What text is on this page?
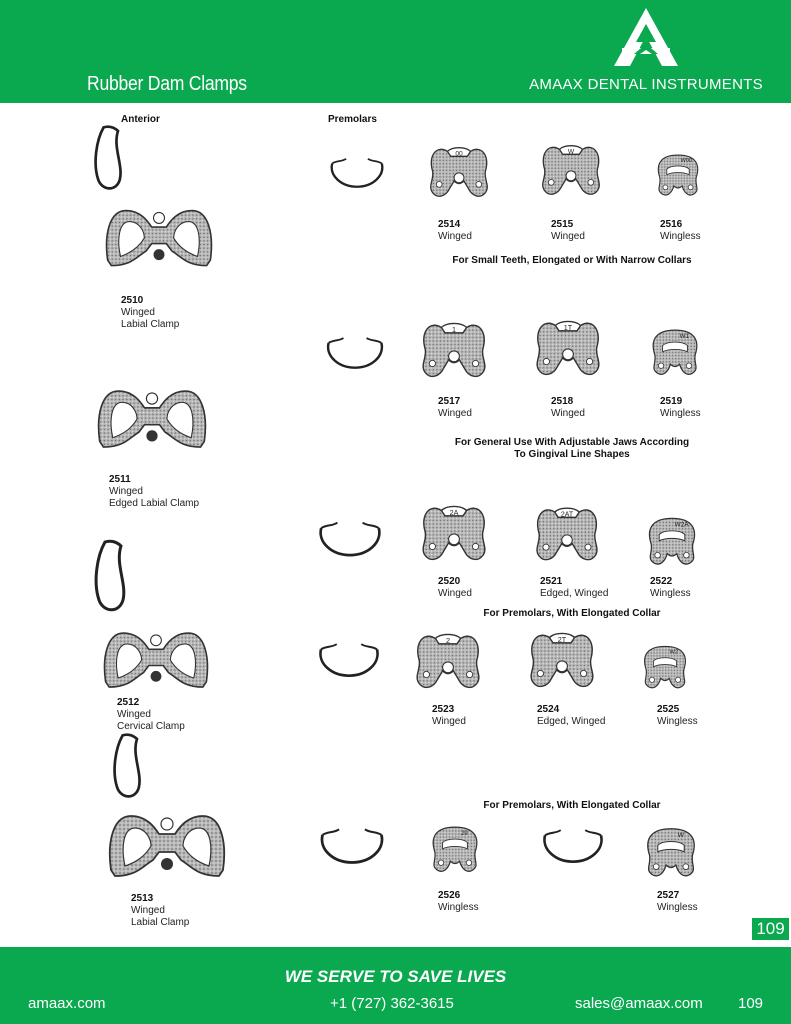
Rubber Dam Clamps	AMAAX DENTAL INSTRUMENTS
Anterior	Premolars
2510
Winged
Labial Clamp
2511
Winged
Edged Labial Clamp
2512
Winged
Cervical Clamp
2513
Winged
Labial Clamp
00	W
W00
2514
Winged
2515
Winged
2516
Wingless
For Small Teeth, Elongated or With Narrow Collars
1	1T
W1
2517
Winged
2518
Winged
2519
Wingless
For General Use With Adjustable Jaws According
To Gingival Line Shapes
2A	2AT
W2A
2520
Winged
2521
Edged, Winged
2522
Wingless
For Premolars, With Elongated Collar
2	2T
W2
2523
Winged
2524
Edged, Winged
2525
Wingless
For Premolars, With Elongated Collar
29	W
2526
Wingless
2527
Wingless
109
WE SERVE TO SAVE LIVES
amaax.com	+1 (727) 362-3615	sales@amaax.com 109
